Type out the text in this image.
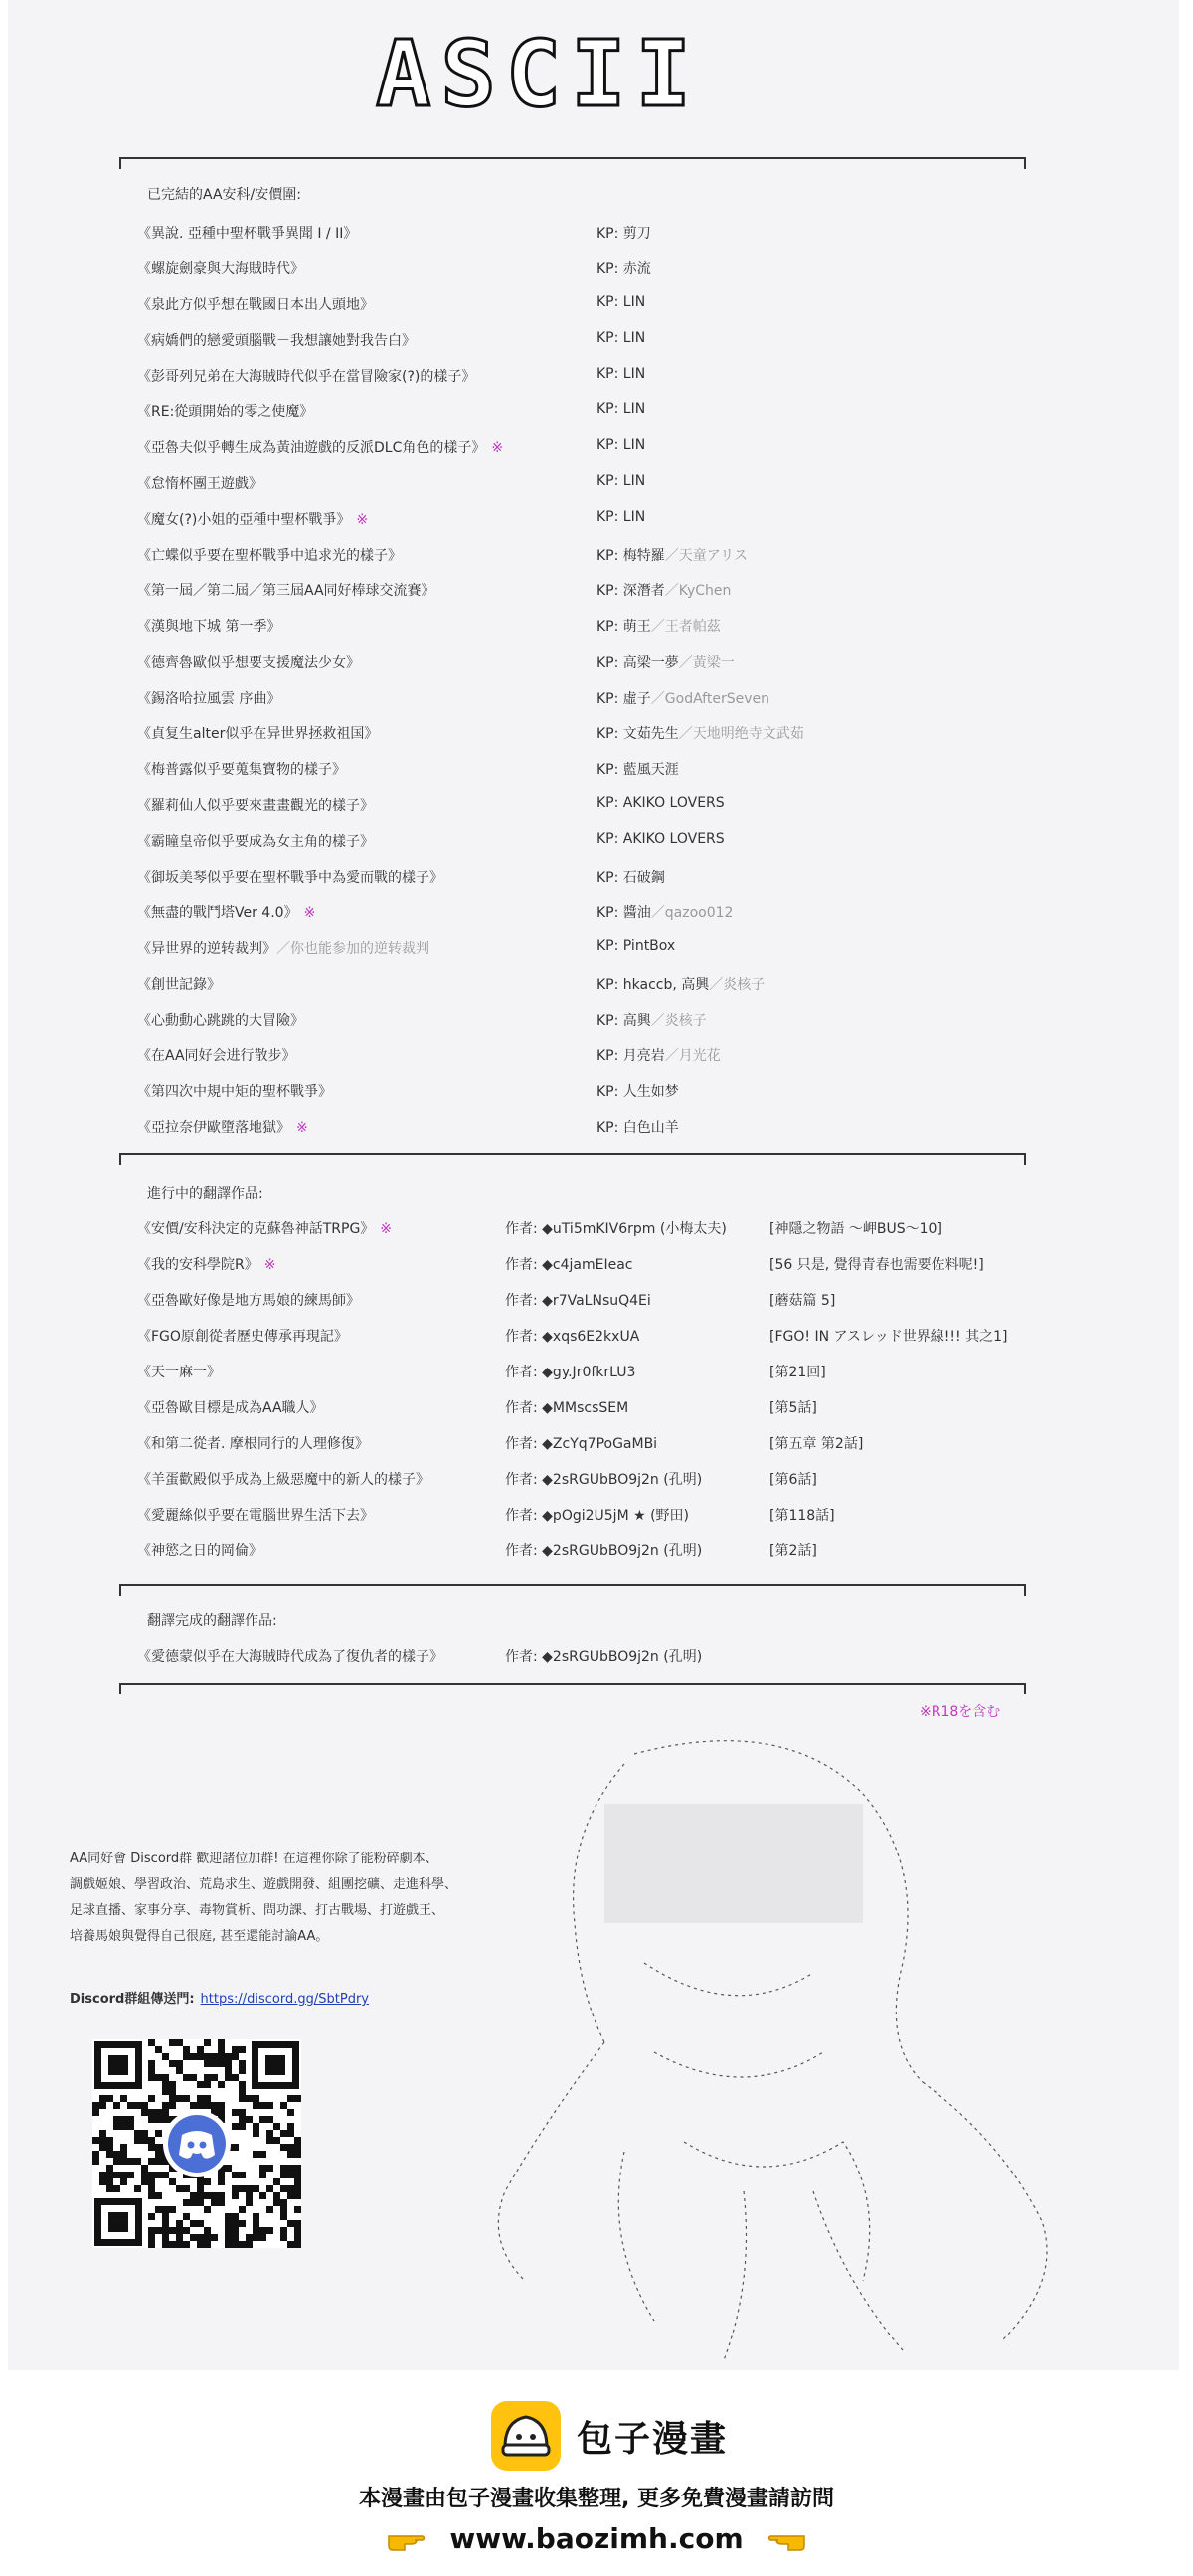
ASCII
已完結的AA安科/安價圍:
《異說. 亞種中聖杯戰爭異聞 I / II》	KP: 剪刀
《螺旋劍豪與大海賊時代》	KP: 赤流
《泉此方似乎想在戰國日本出人頭地》	KP: LIN
《病嬌們的戀愛頭腦戰－我想讓她對我告白》	KP: LIN
《彭哥列兄弟在大海賊時代似乎在當冒險家(?)的樣子》	KP: LIN
《RE:從頭開始的零之使魔》	KP: LIN
《亞魯夫似乎轉生成為黃油遊戲的反派DLC角色的樣子》 ※	KP: LIN
《怠惰杯團王遊戲》	KP: LIN
《魔女(?)小姐的亞種中聖杯戰爭》 ※	KP: LIN
《亡蝶似乎要在聖杯戰爭中追求光的樣子》	KP: 梅特羅／天童アリス
《第一屆／第二屆／第三屆AA同好棒球交流賽》	KP: 深潛者／KyChen
《漢與地下城 第一季》	KP: 萌王／王者帕茲
《德齊魯歐似乎想要支援魔法少女》	KP: 高梁一夢／黃梁一
《錫洛哈拉風雲 序曲》	KP: 虛子／GodAfterSeven
《貞复生alter似乎在异世界拯救祖国》	KP: 文茹先生／天地明绝寺文武茹
《梅普露似乎要蒐集寶物的樣子》	KP: 藍風天涯
《羅莉仙人似乎要來畫畫觀光的樣子》	KP: AKIKO LOVERS
《霸瞳皇帝似乎要成為女主角的樣子》	KP: AKIKO LOVERS
《御坂美琴似乎要在聖杯戰爭中為愛而戰的樣子》	KP: 石破鋼
《無盡的戰鬥塔Ver 4.0》 ※	KP: 醬油／qazoo012
《异世界的逆转裁判》／你也能参加的逆转裁判	KP: PintBox
《創世記錄》	KP: hkaccb, 高興／炎核子
《心動動心跳跳的大冒險》	KP: 高興／炎核子
《在AA同好会进行散步》	KP: 月亮岩／月光花
《第四次中規中矩的聖杯戰爭》	KP: 人生如梦
《亞拉奈伊歐墮落地獄》 ※	KP: 白色山羊
進行中的翻譯作品:
《安價/安科決定的克蘇魯神話TRPG》 ※	作者: ◆uTi5mKIV6rpm (小梅太夫)	[神隱之物語 ～岬BUS～10]
《我的安科學院R》 ※	作者: ◆c4jamEIeac	[56 只是, 覺得青春也需要佐料呢!]
《亞魯歐好像是地方馬娘的練馬師》	作者: ◆r7VaLNsuQ4Ei	[蘑菇篇 5]
《FGO原創從者歷史傳承再現記》	作者: ◆xqs6E2kxUA	[FGO! IN アスレッド世界線!!! 其之1]
《天一麻一》	作者: ◆gy.Jr0fkrLU3	[第21回]
《亞魯歐目標是成為AA職人》	作者: ◆MMscsSEM	[第5話]
《和第二從者. 摩根同行的人理修復》	作者: ◆ZcYq7PoGaMBi	[第五章 第2話]
《羊蛋歡殿似乎成為上級惡魔中的新人的樣子》	作者: ◆2sRGUbBO9j2n (孔明)	[第6話]
《愛麗絲似乎要在電腦世界生活下去》	作者: ◆pOgi2U5jM ★ (野田)	[第118話]
《神慾之日的岡倫》	作者: ◆2sRGUbBO9j2n (孔明)	[第2話]
翻譯完成的翻譯作品:
《愛德蒙似乎在大海賊時代成為了復仇者的樣子》	作者: ◆2sRGUbBO9j2n (孔明)
※R18を含む
AA同好會 Discord群 歡迎諸位加群! 在這裡你除了能粉碎劇本、
調戲姬娘、學習政治、荒島求生、遊戲開發、組團挖礦、走進科學、
足球直播、家事分享、毒物賞析、問功課、打古戰場、打遊戲王、
培養馬娘與覺得自己很庭, 甚至還能討論AA。
Discord群組傳送門: https://discord.gg/SbtPdry
包子漫畫
本漫畫由包子漫畫收集整理, 更多免費漫畫請訪問
www.baozimh.com
